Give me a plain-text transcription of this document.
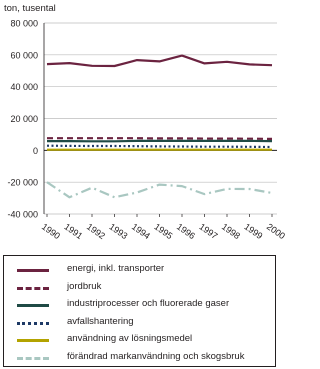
ton, tusental
80 000
60 000
40 000
20 000
0
-20 000
-40 000
1990 1991 1992 1993 1994 1995 1996 1997 1998 1999 2000
energi, inkl. transporter
jordbruk
industriprocesser och fluorerade gaser
avfallshantering
användning av lösningsmedel
förändrad markanvändning och skogsbruk
